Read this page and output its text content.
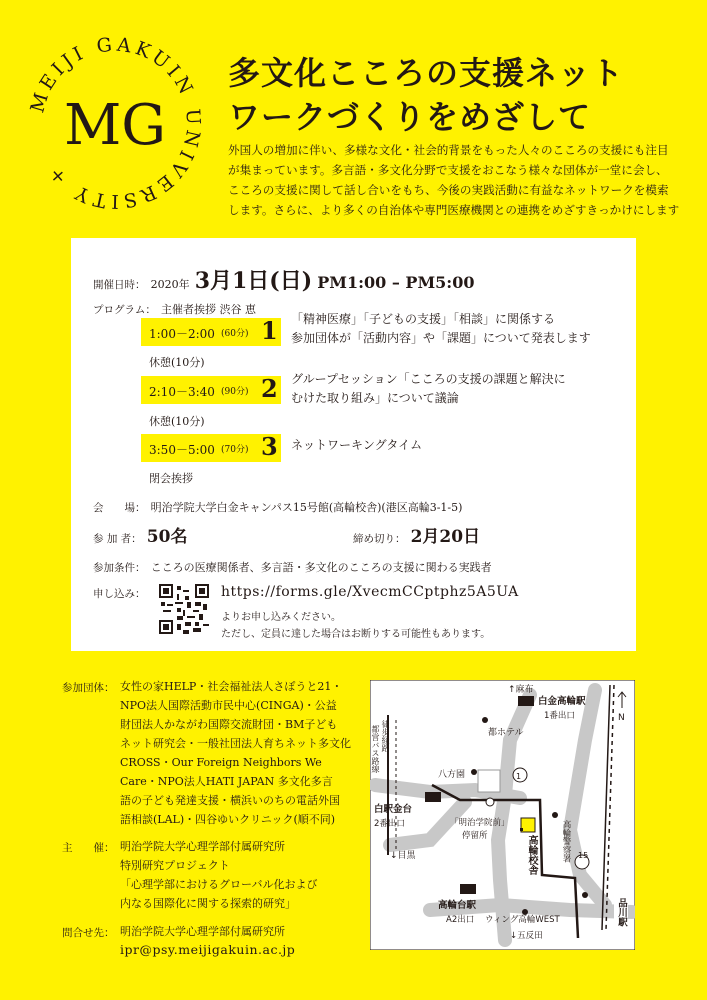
MEIJI GAKUIN UNIVERSITY +
MG
多文化こころの支援ネット
ワークづくりをめざして
外国人の増加に伴い、多様な文化・社会的背景をもった人々のこころの支援にも注目
が集まっています。多言語・多文化分野で支援をおこなう様々な団体が一堂に会し、
こころの支援に関して話し合いをもち、今後の実践活動に有益なネットワークを模索
します。さらに、より多くの自治体や専門医療機関との連携をめざすきっかけにします
開催日時： 2020年 3月1日(日) PM1:00 – PM5:00
プログラム： 主催者挨拶 渋谷 恵
1:00－2:00 (60分) 1 「精神医療」「子どもの支援」「相談」に関係する
参加団体が「活動内容」や「課題」について発表します
休憩(10分)
2:10－3:40 (90分) 2 グループセッション「こころの支援の課題と解決に
むけた取り組み」について議論
休憩(10分)
3:50－5:00 (70分) 3 ネットワーキングタイム
閉会挨拶
会　　場： 明治学院大学白金キャンパス15号館(高輪校舎)(港区高輪3-1-5)
参 加 者： 50名	締め切り： 2月20日
参加条件： こころの医療関係者、多言語・多文化のこころの支援に関わる実践者
申し込み：	https://forms.gle/XvecmCCptphz5A5UA
よりお申し込みください。
ただし、定員に達した場合はお断りする可能性もあります。
参加団体： 女性の家HELP・社会福祉法人さぽうと21・
NPO法人国際活動市民中心(CINGA)・公益
財団法人かながわ国際交流財団・BM子ども
ネット研究会・一般社団法人育ちネット多文化
CROSS・Our Foreign Neighbors We
Care・NPO法人HATI JAPAN 多文化多言
語の子ども発達支援・横浜いのちの電話外国
語相談(LAL)・四谷ゆいクリニック(順不同)
主　　催： 明治学院大学心理学部付属研究所
特別研究プロジェクト
「心理学部におけるグローバル化および
内なる国際化に関する探索的研究」
問合せ先： 明治学院大学心理学部付属研究所
ipr@psy.meijigakuin.ac.jp
↑麻布
白金高輪駅
1番出口	N
都ホテル
八方園	1
白駅金台
2番出口
↓目黒
「明治学院前」
停留所
15
高輪台駅
A2出口 ウィング高輪WEST
↓五反田
都営バス路線 徒歩経路
高輪校舎	高輪警察署
品川駅
